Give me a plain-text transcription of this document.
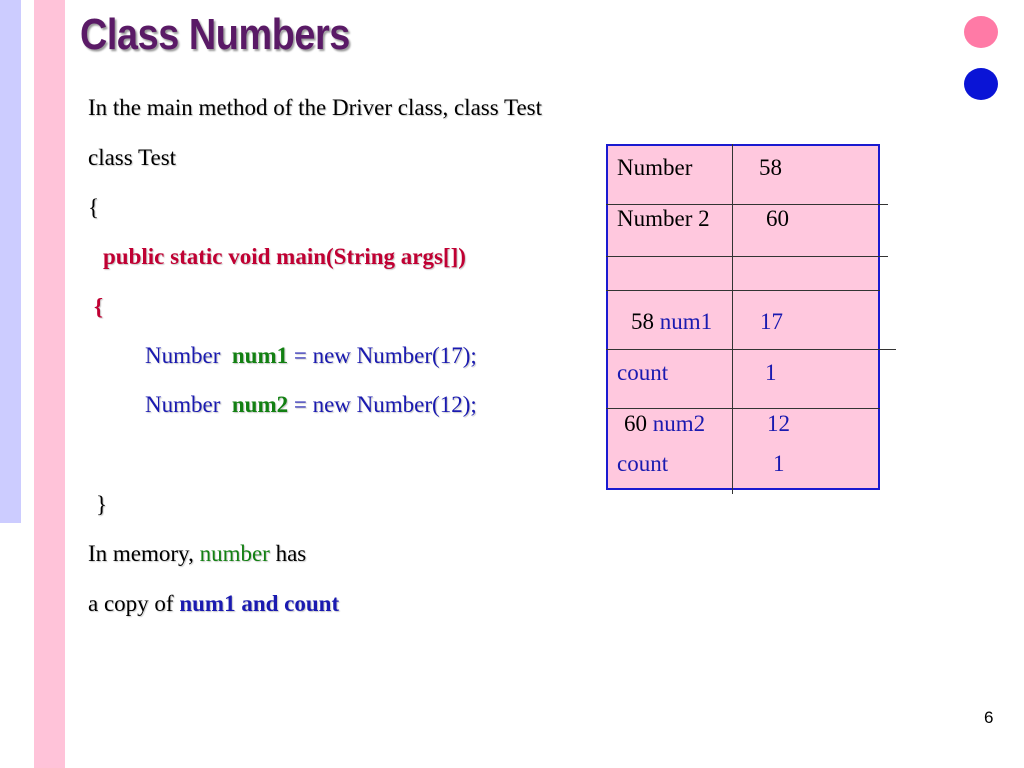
Class Numbers
In the main method of the Driver class, class Test
class Test
{
public static void main(String args[])
{
Number num1 = new Number(17);
Number num2 = new Number(12);
}
In memory, number has
a copy of num1 and count
Number	58
Number 2 60
58 num1 17
count	1
60 num2	12
count	1
6
